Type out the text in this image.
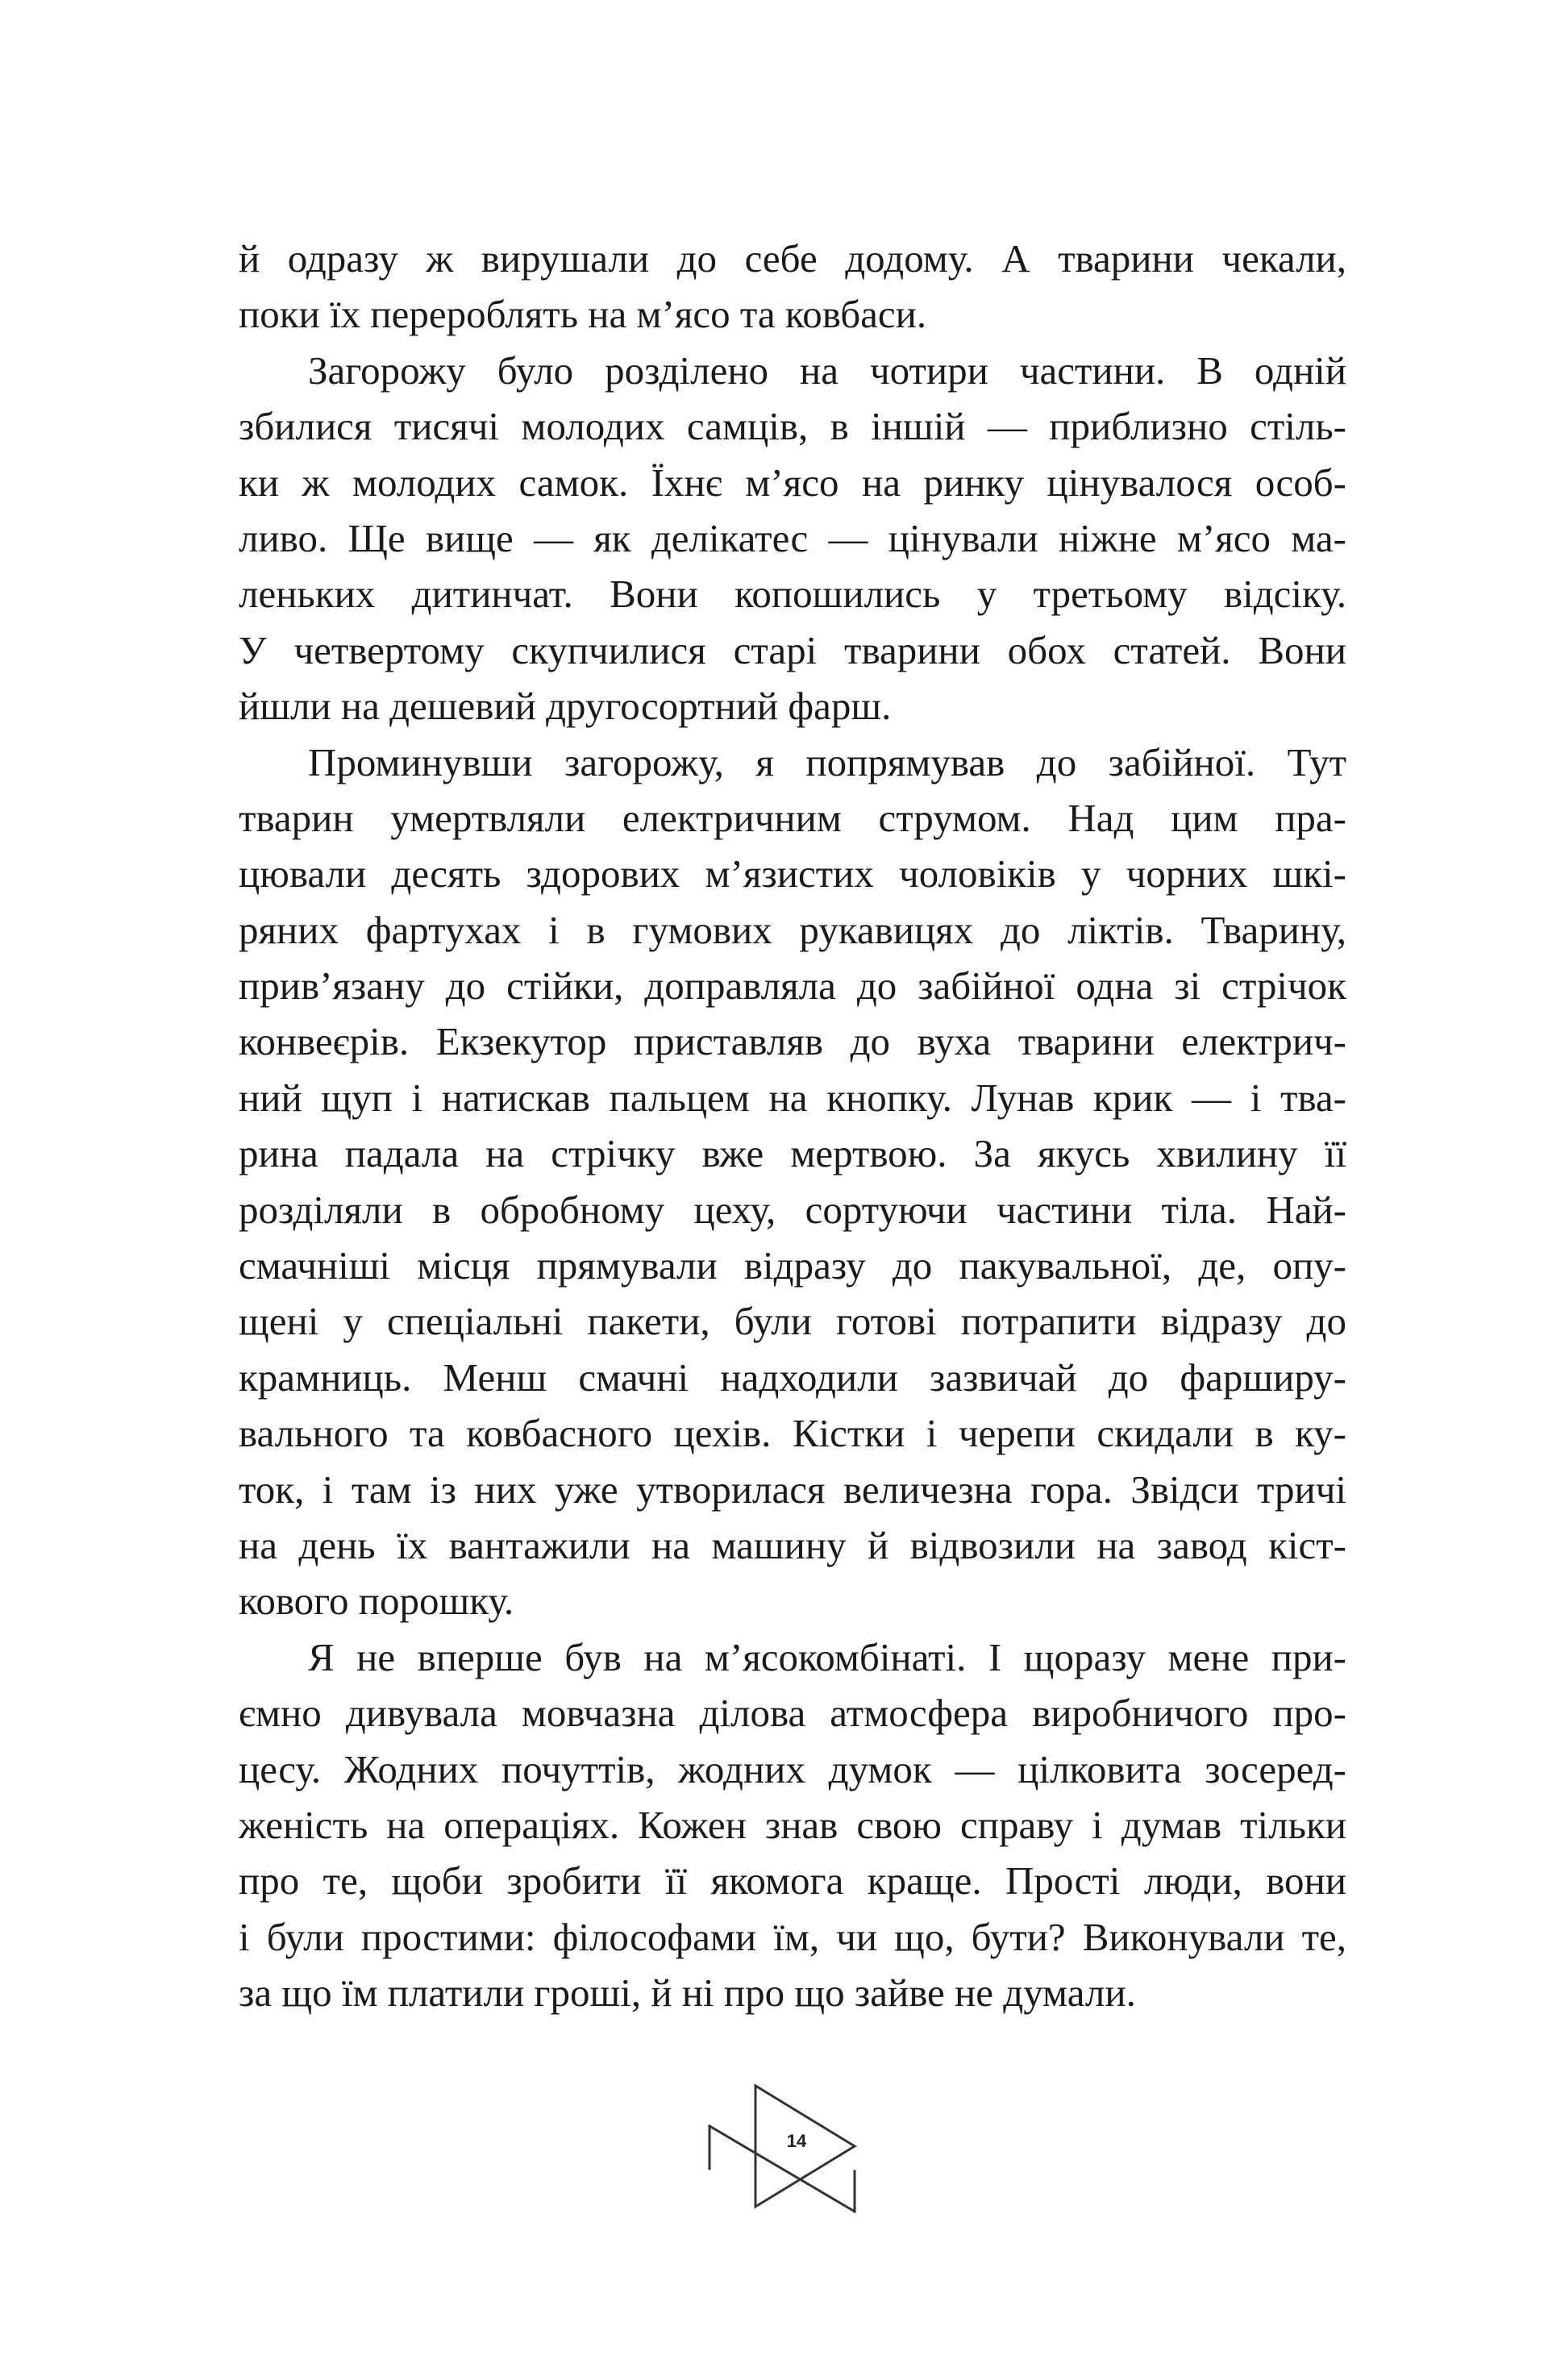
й одразу ж вирушали до себе додому. А тварини чекали,
поки їх перероблять на м’ясо та ковбаси.
Загорожу було розділено на чотири частини. В одній
збилися тисячі молодих самців, в іншій — приблизно стіль-
ки ж молодих самок. Їхнє м’ясо на ринку цінувалося особ-
ливо. Ще вище — як делікатес — цінували ніжне м’ясо ма-
леньких дитинчат. Вони копошились у третьому відсіку.
У четвертому скупчилися старі тварини обох статей. Вони
йшли на дешевий другосортний фарш.
Проминувши загорожу, я попрямував до забійної. Тут
тварин умертвляли електричним струмом. Над цим пра-
цювали десять здорових м’язистих чоловіків у чорних шкі-
ряних фартухах і в гумових рукавицях до ліктів. Тварину,
прив’язану до стійки, доправляла до забійної одна зі стрічок
конвеєрів. Екзекутор приставляв до вуха тварини електрич-
ний щуп і натискав пальцем на кнопку. Лунав крик — і тва-
рина падала на стрічку вже мертвою. За якусь хвилину її
розділяли в обробному цеху, сортуючи частини тіла. Най-
смачніші місця прямували відразу до пакувальної, де, опу-
щені у спеціальні пакети, були готові потрапити відразу до
крамниць. Менш смачні надходили зазвичай до фарширу-
вального та ковбасного цехів. Кістки і черепи скидали в ку-
ток, і там із них уже утворилася величезна гора. Звідси тричі
на день їх вантажили на машину й відвозили на завод кіст-
кового порошку.
Я не вперше був на м’ясокомбінаті. І щоразу мене при-
ємно дивувала мовчазна ділова атмосфера виробничого про-
цесу. Жодних почуттів, жодних думок — цілковита зосеред-
женість на операціях. Кожен знав свою справу і думав тільки
про те, щоби зробити її якомога краще. Прості люди, вони
і були простими: філософами їм, чи що, бути? Виконували те,
за що їм платили гроші, й ні про що зайве не думали.
14
